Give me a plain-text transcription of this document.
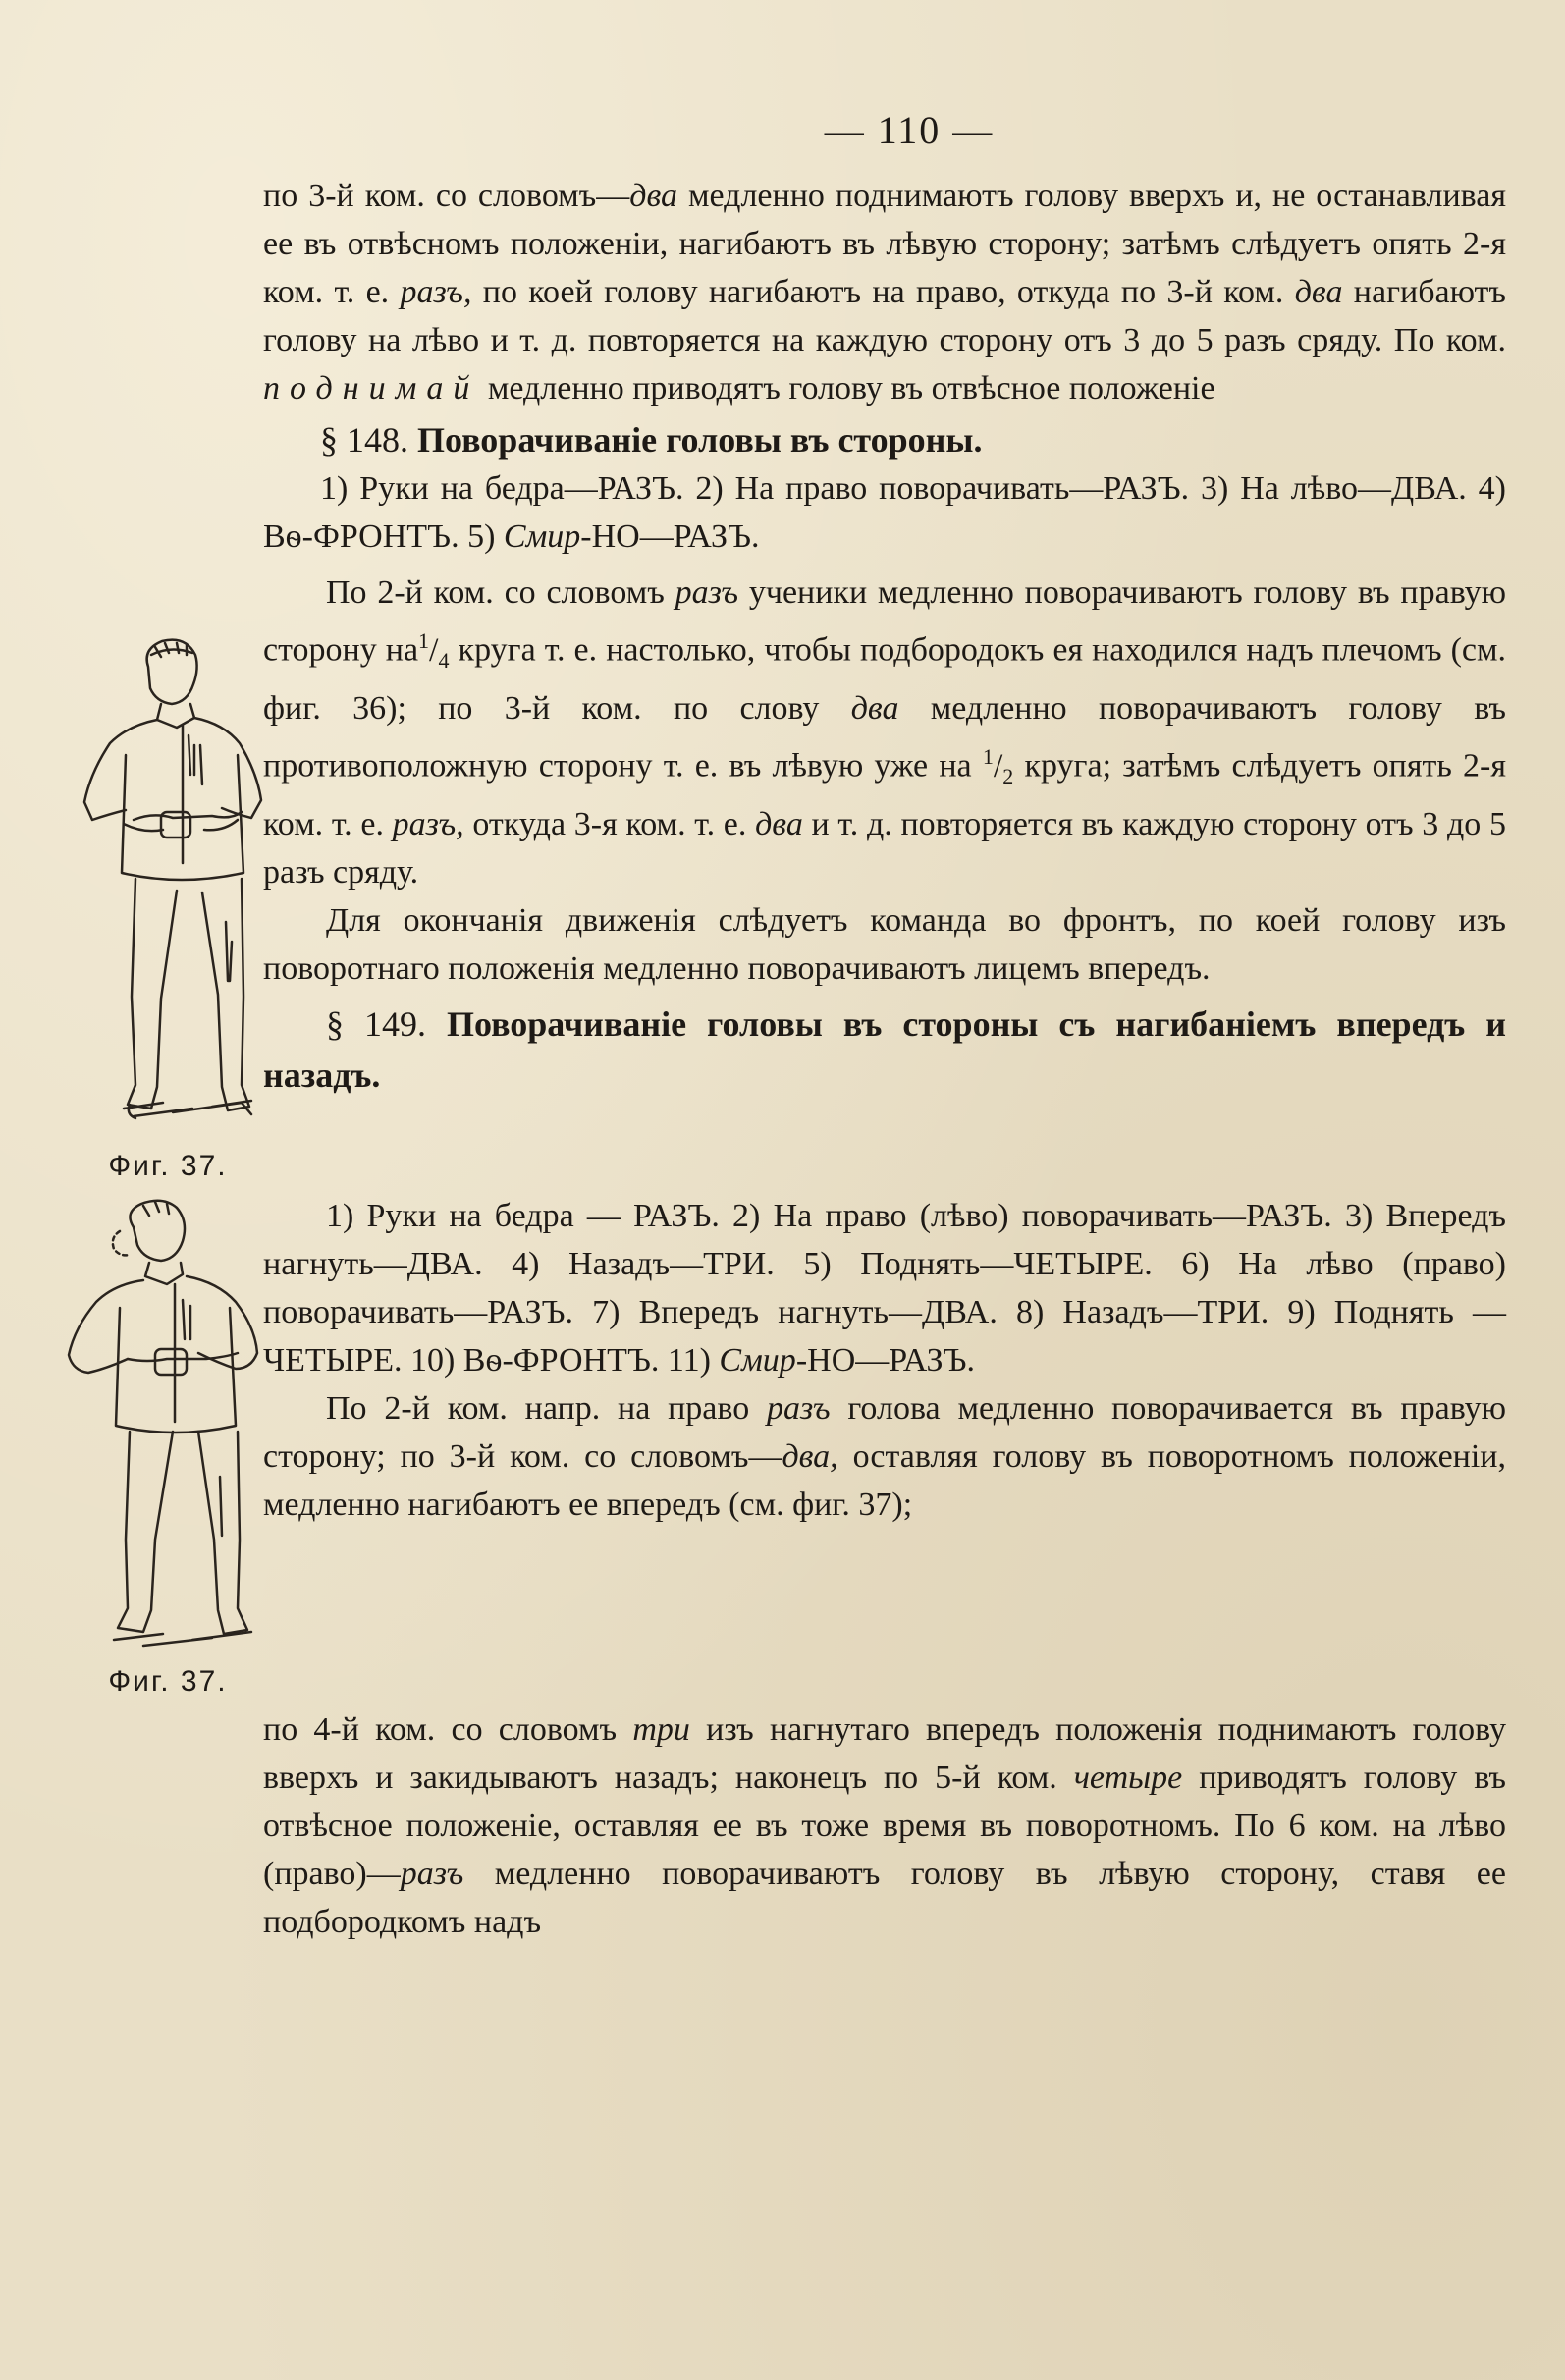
— 110 —

по 3-й ком. со словомъ—два медленно поднимаютъ голову вверхъ и, не останавливая ее въ отвѣсномъ положеніи, нагибаютъ въ лѣвую сторону; затѣмъ слѣдуетъ опять 2-я ком. т. е. разъ, по коей голову нагибаютъ на право, откуда по 3-й ком. два нагибаютъ голову на лѣво и т. д. повторяется на каждую сторону отъ 3 до 5 разъ сряду. По ком. поднимай медленно приводятъ голову въ отвѣсное положеніе

§ 148. Поворачиваніе головы въ стороны.

1) Руки на бедра—РАЗЪ. 2) На право поворачивать—РАЗЪ. 3) На лѣво—ДВА. 4) Вѳ-ФРОНТЪ. 5) Смир-НО—РАЗЪ.

Фиг. 37.

По 2-й ком. со словомъ разъ ученики медленно поворачиваютъ голову въ правую сторону $на^1/_4$ круга т. е. настолько, чтобы подбородокъ ея находился надъ плечомъ (см. фиг. 36); по 3-й ком. по слову два медленно поворачиваютъ голову въ противоположную сторону т. е. въ лѣвую уже на $^1/_2$ круга; затѣмъ слѣдуетъ опять 2-я ком. т. е. разъ, откуда 3-я ком. т. е. два и т. д. повторяется въ каждую сторону отъ 3 до 5 разъ сряду.

Для окончанія движенія слѣдуетъ команда во фронтъ, по коей голову изъ поворотнаго положенія медленно поворачиваютъ лицемъ впередъ.

§ 149. Поворачиваніе головы въ стороны съ нагибаніемъ впередъ и назадъ.

Фиг. 37.

1) Руки на бедра — РАЗЪ. 2) На право (лѣво) поворачивать—РАЗЪ. 3) Впередъ нагнуть—ДВА. 4) Назадъ—ТРИ. 5) Поднять—ЧЕТЫРЕ. 6) На лѣво (право) поворачивать—РАЗЪ. 7) Впередъ нагнуть—ДВА. 8) Назадъ—ТРИ. 9) Поднять — ЧЕТЫРЕ. 10) Вѳ-ФРОНТЪ. 11) Смир-НО—РАЗЪ.

По 2-й ком. напр. на право разъ голова медленно поворачивается въ правую сторону; по 3-й ком. со словомъ—два, оставляя голову въ поворотномъ положеніи, медленно нагибаютъ ее впередъ (см. фиг. 37);

по 4-й ком. со словомъ три изъ нагнутаго впередъ положенія поднимаютъ голову вверхъ и закидываютъ назадъ; наконецъ по 5-й ком. четыре приводятъ голову въ отвѣсное положеніе, оставляя ее въ тоже время въ поворотномъ. По 6 ком. на лѣво (право)—разъ медленно поворачиваютъ голову въ лѣвую сторону, ставя ее подбородкомъ надъ
